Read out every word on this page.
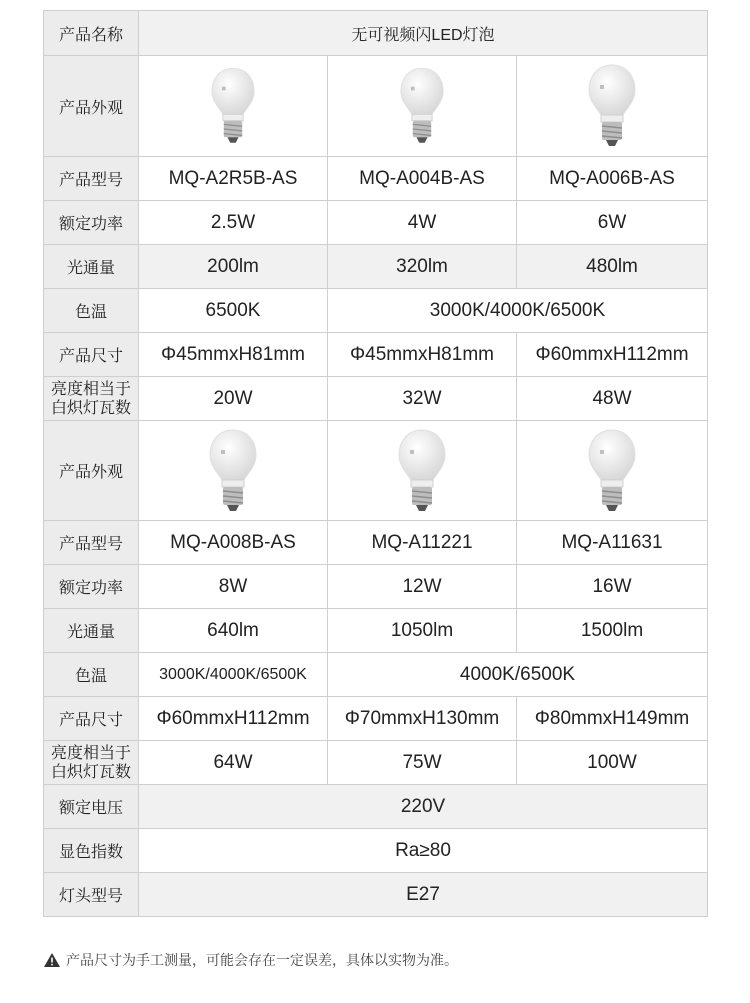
产品名称	无可视频闪LED灯泡		
产品外观	

产品型号	MQ-A2R5B-AS	MQ-A004B-AS	MQ-A006B-AS
额定功率	2.5W	4W	6W
光通量	200lm	320lm	480lm
色温	6500K	3000K/4000K/6500K	
产品尺寸	Φ45mmxH81mm	Φ45mmxH81mm	Φ60mmxH112mm

亮度相当于
白炽灯瓦数	20W	32W	48W
产品外观	

产品型号	MQ-A008B-AS	MQ-A11221	MQ-A11631
额定功率	8W	12W	16W
光通量	640lm	1050lm	1500lm
色温	3000K/4000K/6500K	4000K/6500K	
产品尺寸	Φ60mmxH112mm	Φ70mmxH130mm	Φ80mmxH149mm

亮度相当于
白炽灯瓦数	64W	75W	100W
额定电压	220V		
显色指数	Ra≥80		
灯头型号	E27		
产品尺寸为手工测量，可能会存在一定误差，具体以实物为准。
